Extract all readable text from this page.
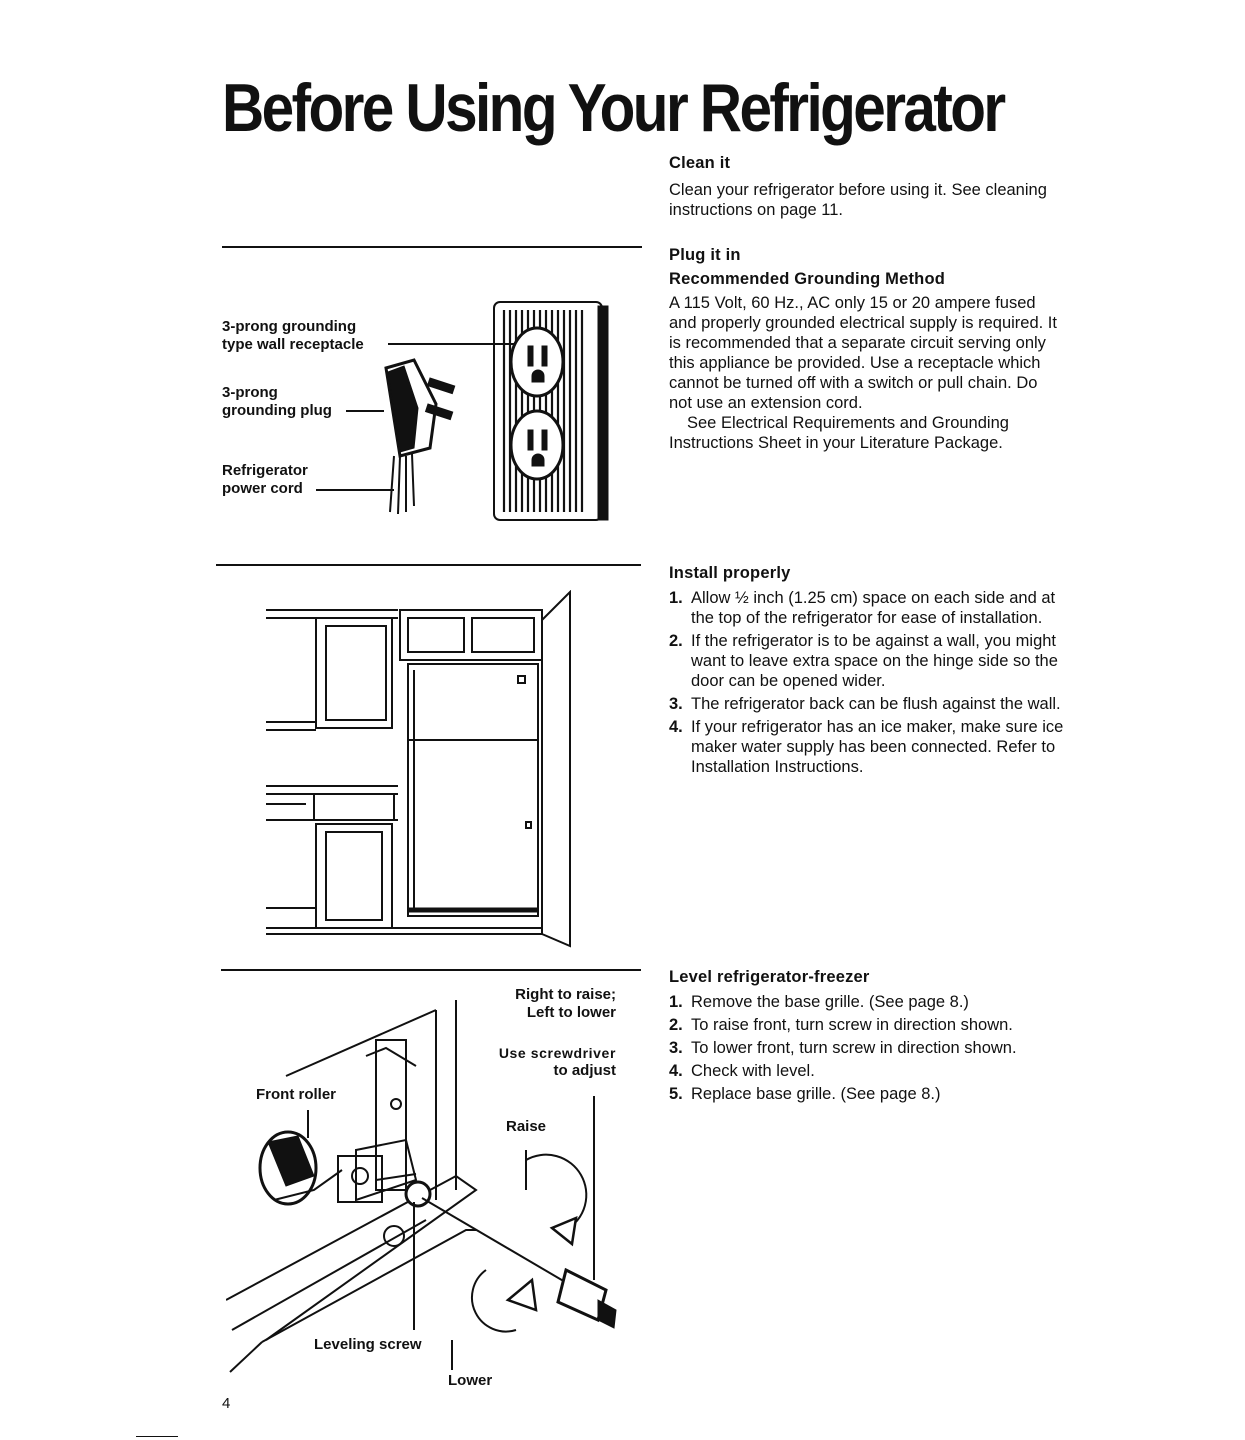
Before Using Your Refrigerator
Clean it
Clean your refrigerator before using it. See cleaning instructions on page 11.
Plug it in
Recommended Grounding Method
A 115 Volt, 60 Hz., AC only 15 or 20 ampere fused and properly grounded electrical supply is required. It is recommended that a separate circuit serving only this appliance be provided. Use a receptacle which cannot be turned off with a switch or pull chain. Do not use an extension cord.
See Electrical Requirements and Grounding Instructions Sheet in your Literature Package.
Install properly
1. Allow ½ inch (1.25 cm) space on each side and at the top of the refrigerator for ease of installation.
2. If the refrigerator is to be against a wall, you might want to leave extra space on the hinge side so the door can be opened wider.
3. The refrigerator back can be flush against the wall.
4. If your refrigerator has an ice maker, make sure ice maker water supply has been connected. Refer to Installation Instructions.
Level refrigerator-freezer
1. Remove the base grille. (See page 8.)
2. To raise front, turn screw in direction shown.
3. To lower front, turn screw in direction shown.
4. Check with level.
5. Replace base grille. (See page 8.)
3-prong grounding
type wall receptacle
3-prong
grounding plug
Refrigerator
power cord
Right to raise;
Left to lower
Use screwdriver
to adjust
Raise
Front roller
Leveling screw
Lower
4
